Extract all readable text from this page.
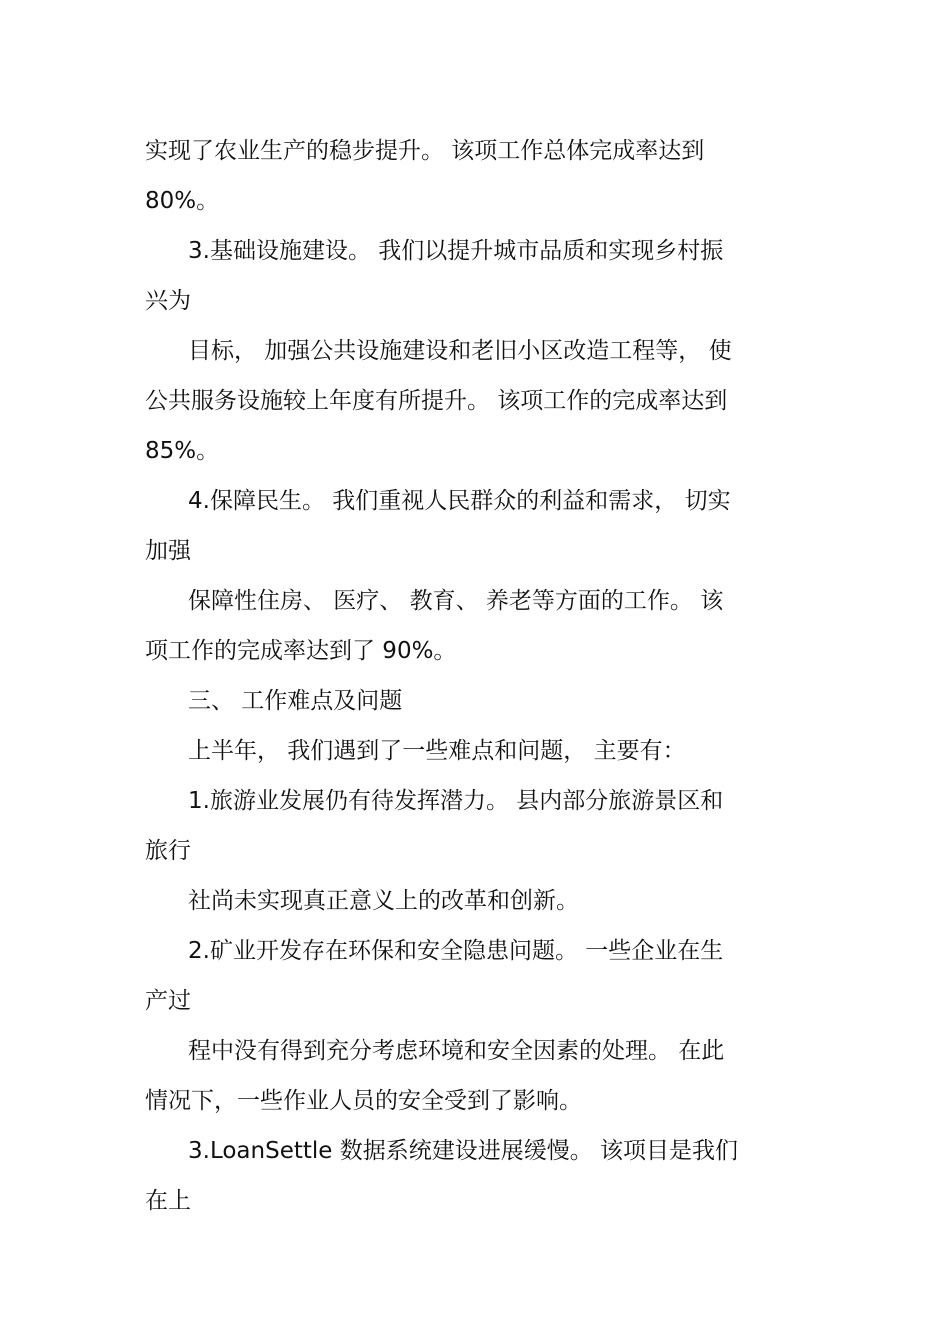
实现了农业生产的稳步提升。 该项工作总体完成率达到
80%。
3.基础设施建设。 我们以提升城市品质和实现乡村振
兴为
目标， 加强公共设施建设和老旧小区改造工程等， 使
公共服务设施较上年度有所提升。 该项工作的完成率达到
85%。
4.保障民生。 我们重视人民群众的利益和需求， 切实
加强
保障性住房、 医疗、 教育、 养老等方面的工作。 该
项工作的完成率达到了 90%。
三、 工作难点及问题
上半年， 我们遇到了一些难点和问题， 主要有：
1.旅游业发展仍有待发挥潜力。 县内部分旅游景区和
旅行
社尚未实现真正意义上的改革和创新。
2.矿业开发存在环保和安全隐患问题。 一些企业在生
产过
程中没有得到充分考虑环境和安全因素的处理。 在此
情况下，一些作业人员的安全受到了影响。
3.LoanSettle 数据系统建设进展缓慢。 该项目是我们
在上
